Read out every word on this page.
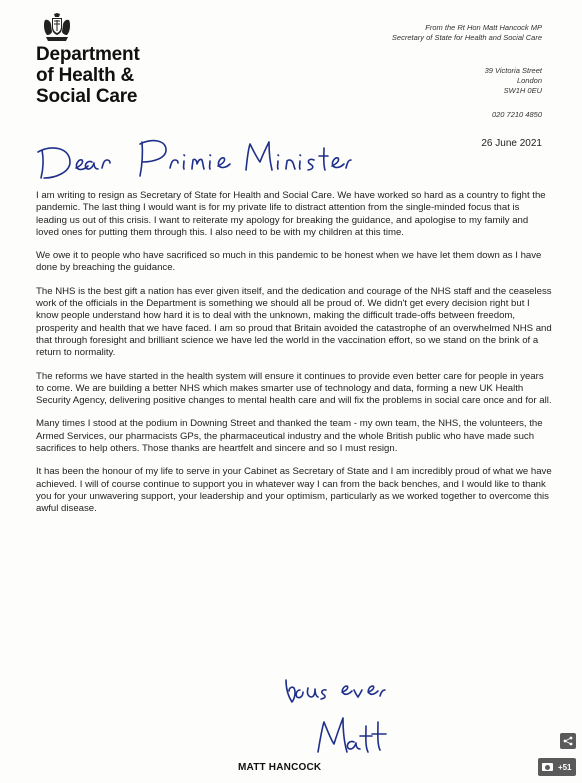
Department
of Health &
Social Care
From the Rt Hon Matt Hancock MP
Secretary of State for Health and Social Care
39 Victoria Street
London
SW1H 0EU
020 7210 4850
26 June 2021

I am writing to resign as Secretary of State for Health and Social Care. We have worked so hard as a country to fight the pandemic. The last thing I would want is for my private life to distract attention from the single-minded focus that is leading us out of this crisis. I want to reiterate my apology for breaking the guidance, and apologise to my family and loved ones for putting them through this. I also need to be with my children at this time.

We owe it to people who have sacrificed so much in this pandemic to be honest when we have let them down as I have done by breaching the guidance.

The NHS is the best gift a nation has ever given itself, and the dedication and courage of the NHS staff and the ceaseless work of the officials in the Department is something we should all be proud of. We didn't get every decision right but I know people understand how hard it is to deal with the unknown, making the difficult trade-offs between freedom, prosperity and health that we have faced. I am so proud that Britain avoided the catastrophe of an overwhelmed NHS and that through foresight and brilliant science we have led the world in the vaccination effort, so we stand on the brink of a return to normality.

The reforms we have started in the health system will ensure it continues to provide even better care for people in years to come. We are building a better NHS which makes smarter use of technology and data, forming a new UK Health Security Agency, delivering positive changes to mental health care and will fix the problems in social care once and for all.

Many times I stood at the podium in Downing Street and thanked the team - my own team, the NHS, the volunteers, the Armed Services, our pharmacists GPs, the pharmaceutical industry and the whole British public who have made such sacrifices to help others. Those thanks are heartfelt and sincere and so I must resign.

It has been the honour of my life to serve in your Cabinet as Secretary of State and I am incredibly proud of what we have achieved. I will of course continue to support you in whatever way I can from the back benches, and I would like to thank you for your unwavering support, your leadership and your optimism, particularly as we worked together to overcome this awful disease.

MATT HANCOCK	+51
